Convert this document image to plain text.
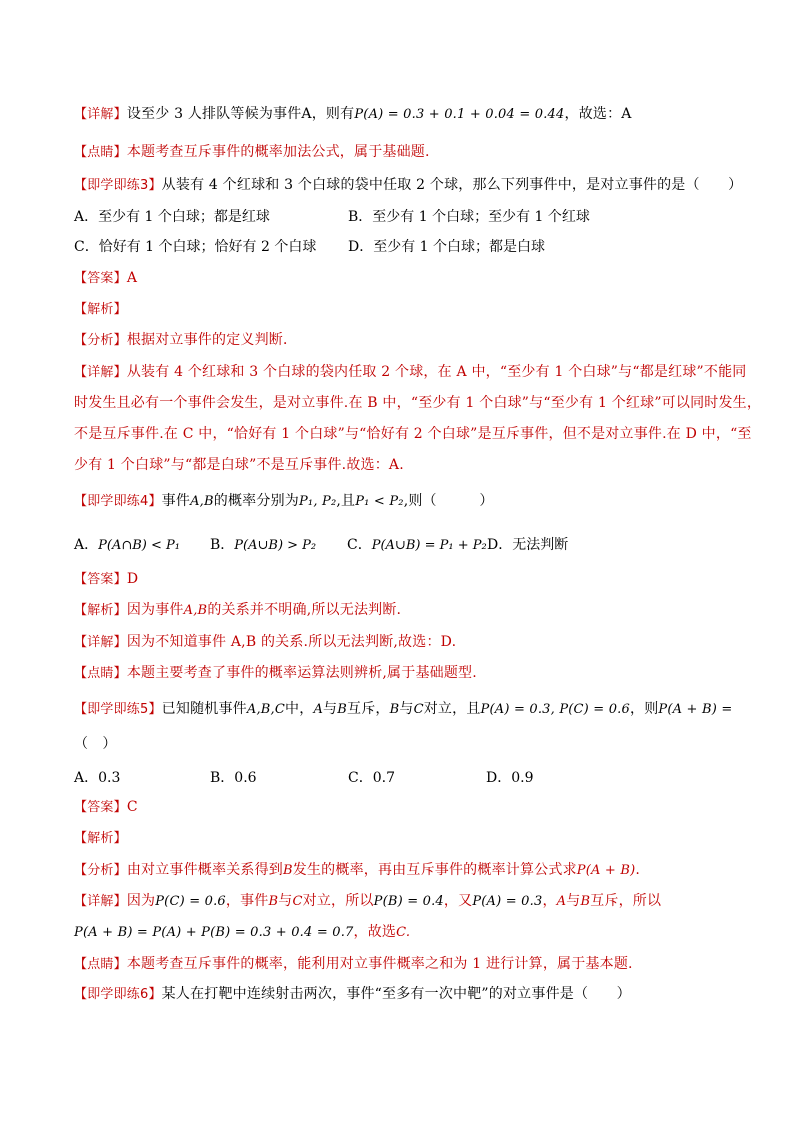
【详解】设至少 3 人排队等候为事件A，则有P(A) = 0.3 + 0.1 + 0.04 = 0.44，故选：A
【点睛】本题考查互斥事件的概率加法公式，属于基础题.
【即学即练3】从装有 4 个红球和 3 个白球的袋中任取 2 个球，那么下列事件中，是对立事件的是（　　）
A．至少有 1 个白球；都是红球	B．至少有 1 个白球；至少有 1 个红球
C．恰好有 1 个白球；恰好有 2 个白球 D．至少有 1 个白球；都是白球
【答案】A
【解析】
【分析】根据对立事件的定义判断．
【详解】从装有 4 个红球和 3 个白球的袋内任取 2 个球，在 A 中，“至少有 1 个白球”与“都是红球”不能同
时发生且必有一个事件会发生，是对立事件.在 B 中，“至少有 1 个白球”与“至少有 1 个红球”可以同时发生，
不是互斥事件.在 C 中，“恰好有 1 个白球”与“恰好有 2 个白球”是互斥事件，但不是对立事件.在 D 中，“至
少有 1 个白球”与“都是白球”不是互斥事件.故选：A.
【即学即练4】事件A,B的概率分别为P₁, P₂,且P₁ < P₂,则（　　　）
A．P(A∩B) < P₁ B．P(A∪B) > P₂ C．P(A∪B) = P₁ + P₂ D．无法判断
【答案】D
【解析】因为事件A,B的关系并不明确,所以无法判断.
【详解】因为不知道事件 A,B 的关系.所以无法判断,故选：D.
【点睛】本题主要考查了事件的概率运算法则辨析,属于基础题型.
【即学即练5】已知随机事件A,B,C中，A与B互斥，B与C对立，且P(A) = 0.3, P(C) = 0.6，则P(A + B) =
（　）
A．0.3	B．0.6	C．0.7	D．0.9
【答案】C
【解析】
【分析】由对立事件概率关系得到B发生的概率，再由互斥事件的概率计算公式求P(A + B).
【详解】因为P(C) = 0.6，事件B与C对立，所以P(B) = 0.4，又P(A) = 0.3，A与B互斥，所以
P(A + B) = P(A) + P(B) = 0.3 + 0.4 = 0.7，故选C.
【点睛】本题考查互斥事件的概率，能利用对立事件概率之和为 1 进行计算，属于基本题.
【即学即练6】某人在打靶中连续射击两次，事件“至多有一次中靶”的对立事件是（　　）
